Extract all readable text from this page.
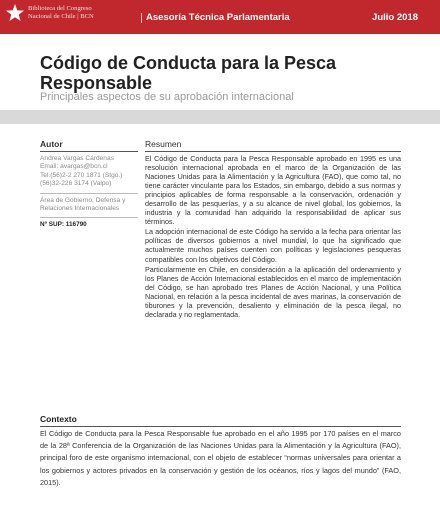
Biblioteca del Congreso
Nacional de Chile | BCN	Asesoría Técnica Parlamentaria	Julio 2018
Código de Conducta para la Pesca Responsable
Principales aspectos de su aprobación internacional
Autor
Andrea Vargas Cárdenas
Email: avargas@bcn.cl
Tel.(56)2-2 270 1871 (Stgo.)
(56)32-226 3174 (Valpo)
Área de Gobierno, Defensa y
Relaciones Internacionales
Nº SUP: 116790
Resumen

El Código de Conducta para la Pesca Responsable aprobado en 1995 es una resolución internacional aprobada en el marco de la Organización de las Naciones Unidas para la Alimentación y la Agricultura (FAO), que como tal, no tiene carácter vinculante para los Estados, sin embargo, debido a sus normas y principios aplicables de forma responsable a la conservación, ordenación y desarrollo de las pesquerías, y a su alcance de nivel global, los gobiernos, la industria y la comunidad han adquirido la responsabilidad de aplicar sus términos.

La adopción internacional de este Código ha servido a la fecha para orientar las políticas de diversos gobiernos a nivel mundial, lo que ha significado que actualmente muchos países cuenten con políticas y legislaciones pesqueras compatibles con los objetivos del Código.

Particularmente en Chile, en consideración a la aplicación del ordenamiento y los Planes de Acción Internacional establecidos en el marco de implementación del Código, se han aprobado tres Planes de Acción Nacional, y una Política Nacional, en relación a la pesca incidental de aves marinas, la conservación de tiburones y la prevención, desaliento y eliminación de la pesca ilegal, no declarada y no reglamentada.

Contexto
El Código de Conducta para la Pesca Responsable fue aprobado en el año 1995 por 170 países en el marco de la 28ª Conferencia de la Organización de las Naciones Unidas para la Alimentación y la Agricultura (FAO), principal foro de este organismo internacional, con el objeto de establecer “normas universales para orientar a los gobiernos y actores privados en la conservación y gestión de los océanos, ríos y lagos del mundo” (FAO, 2015).
